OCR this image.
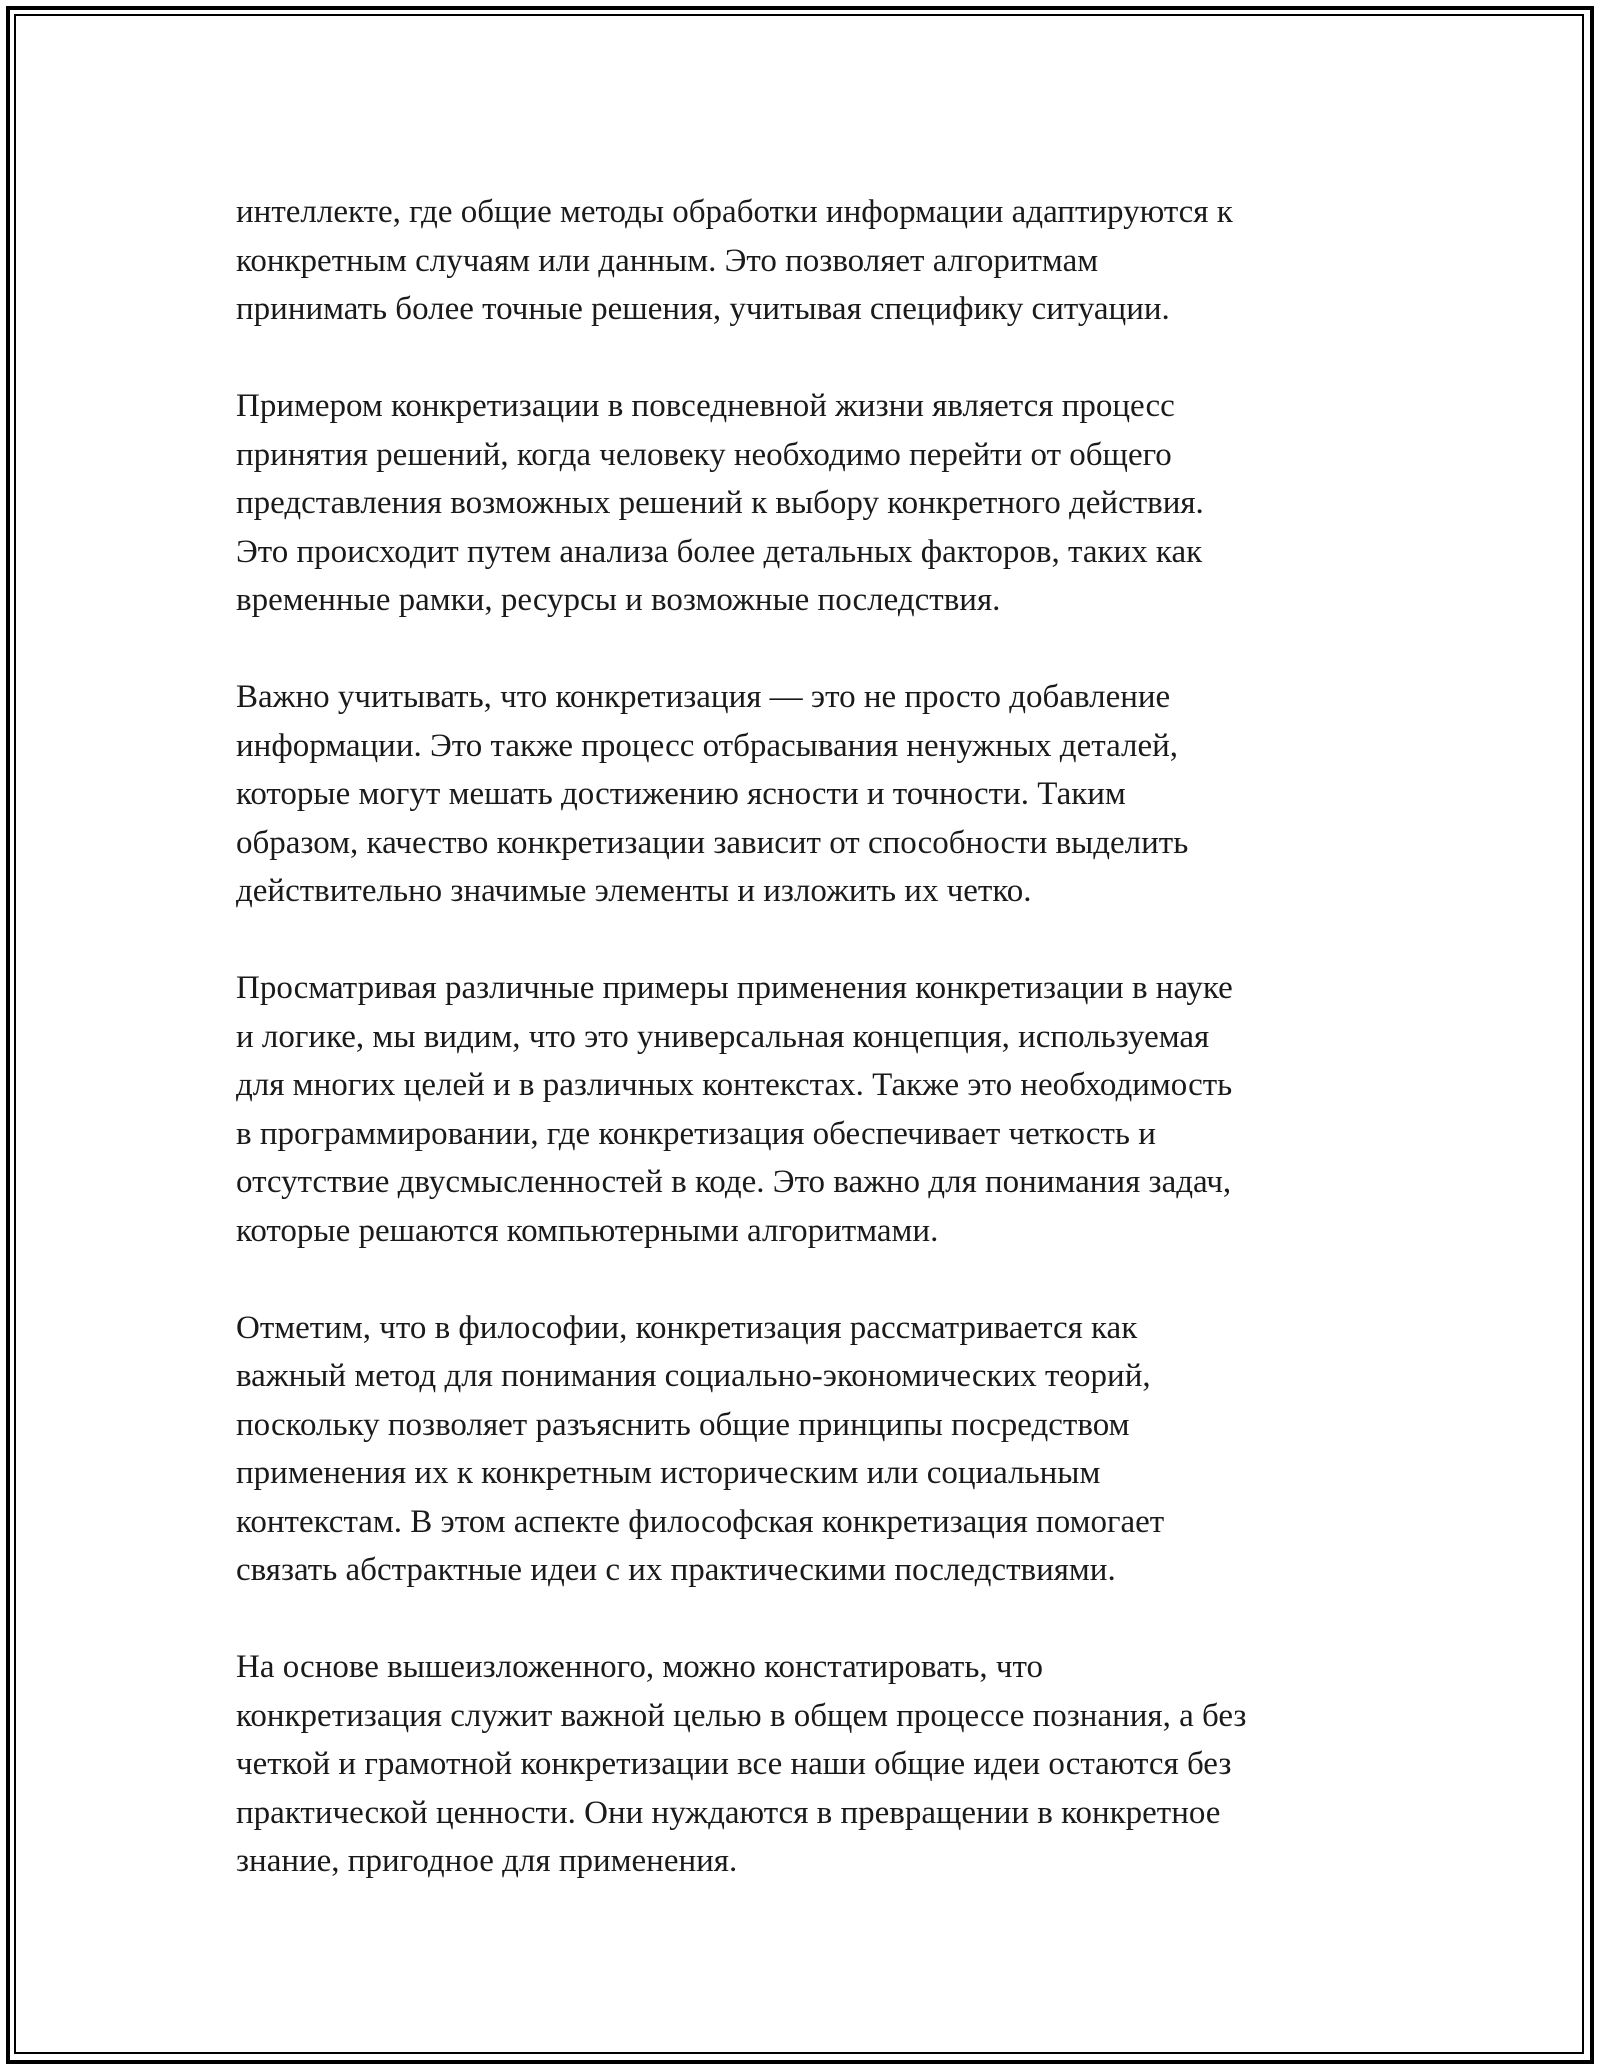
интеллекте, где общие методы обработки информации адаптируются к
конкретным случаям или данным. Это позволяет алгоритмам
принимать более точные решения, учитывая специфику ситуации.

Примером конкретизации в повседневной жизни является процесс
принятия решений, когда человеку необходимо перейти от общего
представления возможных решений к выбору конкретного действия.
Это происходит путем анализа более детальных факторов, таких как
временные рамки, ресурсы и возможные последствия.

Важно учитывать, что конкретизация — это не просто добавление
информации. Это также процесс отбрасывания ненужных деталей,
которые могут мешать достижению ясности и точности. Таким
образом, качество конкретизации зависит от способности выделить
действительно значимые элементы и изложить их четко.

Просматривая различные примеры применения конкретизации в науке
и логике, мы видим, что это универсальная концепция, используемая
для многих целей и в различных контекстах. Также это необходимость
в программировании, где конкретизация обеспечивает четкость и
отсутствие двусмысленностей в коде. Это важно для понимания задач,
которые решаются компьютерными алгоритмами.

Отметим, что в философии, конкретизация рассматривается как
важный метод для понимания социально-экономических теорий,
поскольку позволяет разъяснить общие принципы посредством
применения их к конкретным историческим или социальным
контекстам. В этом аспекте философская конкретизация помогает
связать абстрактные идеи с их практическими последствиями.

На основе вышеизложенного, можно констатировать, что
конкретизация служит важной целью в общем процессе познания, а без
четкой и грамотной конкретизации все наши общие идеи остаются без
практической ценности. Они нуждаются в превращении в конкретное
знание, пригодное для применения.
